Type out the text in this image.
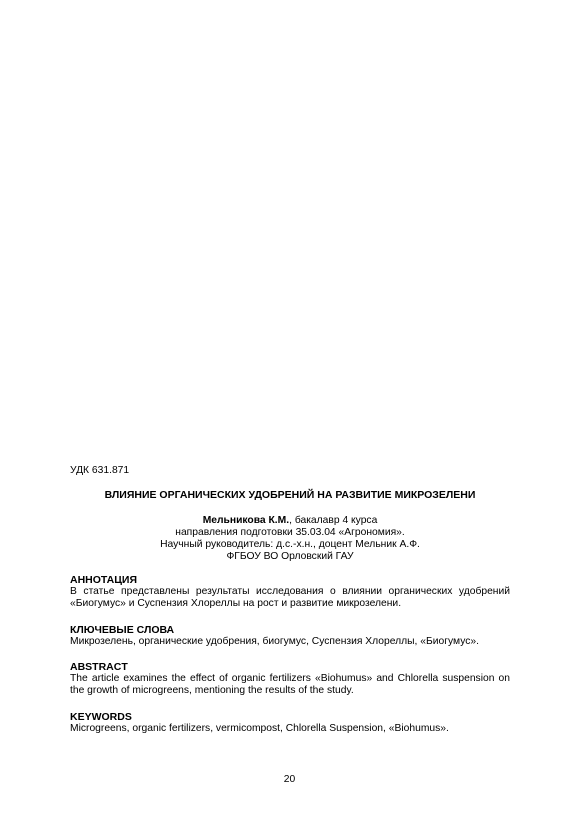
УДК 631.871
ВЛИЯНИЕ ОРГАНИЧЕСКИХ УДОБРЕНИЙ НА РАЗВИТИЕ МИКРОЗЕЛЕНИ
Мельникова К.М., бакалавр 4 курса
направления подготовки 35.03.04 «Агрономия».
Научный руководитель: д.с.-х.н., доцент Мельник А.Ф.
ФГБОУ ВО Орловский ГАУ
АННОТАЦИЯ
В статье представлены результаты исследования о влиянии органических удобрений «Биогумус» и Суспензия Хлореллы на рост и развитие микрозелени.
КЛЮЧЕВЫЕ СЛОВА
Микрозелень, органические удобрения, биогумус, Суспензия Хлореллы, «Биогумус».
ABSTRACT
The article examines the effect of organic fertilizers «Biohumus» and Chlorella suspension on the growth of microgreens, mentioning the results of the study.
KEYWORDS
Microgreens, organic fertilizers, vermicompost, Chlorella Suspension, «Biohumus».
20
